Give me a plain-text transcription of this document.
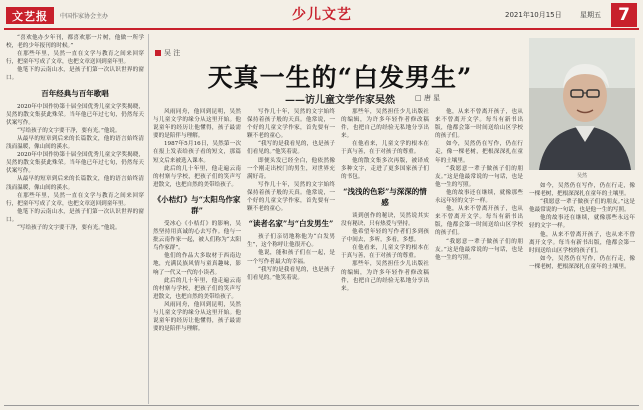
文艺报	中国作家协会主办	少儿文艺	2021年10月15日	星期五	7

“喜欢他办少年刊，都喜欢那一片树，他做一所学校，老的少年报刊的时候。”

在那些年里，吴然一直在文学与教育之间来回穿行，把童年写成了文章，也把文章送回到童年里。

他笔下的云南山水，是孩子们第一次认识世界的窗口。

百年经典与百年歌唱

2020年中国作协第十届全国优秀儿童文学奖揭晓，吴然的散文集获此殊荣。当年他已年过七旬，仍然每天伏案写作。

“写给孩子的文字要干净，要有光。”他说。

从最早的短章到后来的长篇散文，他的语言始终清浅而温暖，像山间的溪水。

2020年中国作协第十届全国优秀儿童文学奖揭晓，吴然的散文集获此殊荣。当年他已年过七旬，仍然每天伏案写作。

从最早的短章到后来的长篇散文，他的语言始终清浅而温暖，像山间的溪水。

在那些年里，吴然一直在文学与教育之间来回穿行，把童年写成了文章，也把文章送回到童年里。

他笔下的云南山水，是孩子们第一次认识世界的窗口。

“写给孩子的文字要干净，要有光。”他说。

吴 注
天真一生的“白发男生”
——访儿童文学作家吴然	□ 唐 星
吴然

风雨同舟，他回到昆明，吴然与儿童文学的缘分从这里开始。他说童年的经历让他懂得，孩子最需要的是陪伴与理解。

1987年5月16日，吴然第一次在报上发表给孩子看的短文，那篇短文后来被选入课本。

此后的几十年里，他走遍云南的村寨与学校，把孩子们的笑声写进散文，也把自然的美带给孩子。

《小桔灯》与“太阳鸟作家群”

受冰心《小桔灯》的影响，吴然坚持用真诚的心去写作。他与一批云南作家一起，被人们称为“太阳鸟作家群”。

他们的作品大多取材于西南边地，充满民族风情与童真趣味，影响了一代又一代的小读者。

此后的几十年里，他走遍云南的村寨与学校，把孩子们的笑声写进散文，也把自然的美带给孩子。

风雨同舟，他回到昆明，吴然与儿童文学的缘分从这里开始。他说童年的经历让他懂得，孩子最需要的是陪伴与理解。

写作几十年，吴然的文字始终保持着孩子般的天真。他常说，一个好的儿童文学作家，首先要有一颗不老的童心。

“我写的是我看见的，也是孩子们看见的。”他笑着说。

即便头发已经全白，他依然像一个刚走出校门的男生，对世界充满好奇。

写作几十年，吴然的文字始终保持着孩子般的天真。他常说，一个好的儿童文学作家，首先要有一颗不老的童心。

“读者名家”与“白发男生”

孩子们亲切地称他为“白发男生”，这个称呼让他很开心。

他说，能和孩子们在一起，是一个写作者最大的幸福。

“我写的是我看见的，也是孩子们看见的。”他笑着说。

那些年，吴然担任少儿出版社的编辑，为许多年轻作者修改稿件，也把自己的经验无私地分享出来。

在他看来，儿童文学的根本在于真与善，在于对孩子的尊重。

他的散文集多次再版，被译成多种文字，走进了更多国家孩子们的书包。

“浅浅的色彩”与深深的情感

谈到创作的秘诀，吴然说其实没有秘诀，只有热爱与坚持。

他希望年轻的写作者们多到孩子中间去，多听，多看，多想。

在他看来，儿童文学的根本在于真与善，在于对孩子的尊重。

那些年，吴然担任少儿出版社的编辑，为许多年轻作者修改稿件，也把自己的经验无私地分享出来。

他，从来不曾离开孩子，也从来不曾离开文学。每当有新书出版，他都会第一时间送给山区学校的孩子们。

如今，吴然仍在写作，仍在行走，像一棵老树，把根深深扎在童年的土壤里。

“我愿意一辈子做孩子们的朋友。”这是他最常说的一句话，也是他一生的写照。

他的故事还在继续，就像那些永远年轻的文字一样。

他，从来不曾离开孩子，也从来不曾离开文学。每当有新书出版，他都会第一时间送给山区学校的孩子们。

“我愿意一辈子做孩子们的朋友。”这是他最常说的一句话，也是他一生的写照。

如今，吴然仍在写作，仍在行走，像一棵老树，把根深深扎在童年的土壤里。

“我愿意一辈子做孩子们的朋友。”这是他最常说的一句话，也是他一生的写照。

他的故事还在继续，就像那些永远年轻的文字一样。

他，从来不曾离开孩子，也从来不曾离开文学。每当有新书出版，他都会第一时间送给山区学校的孩子们。

如今，吴然仍在写作，仍在行走，像一棵老树，把根深深扎在童年的土壤里。
